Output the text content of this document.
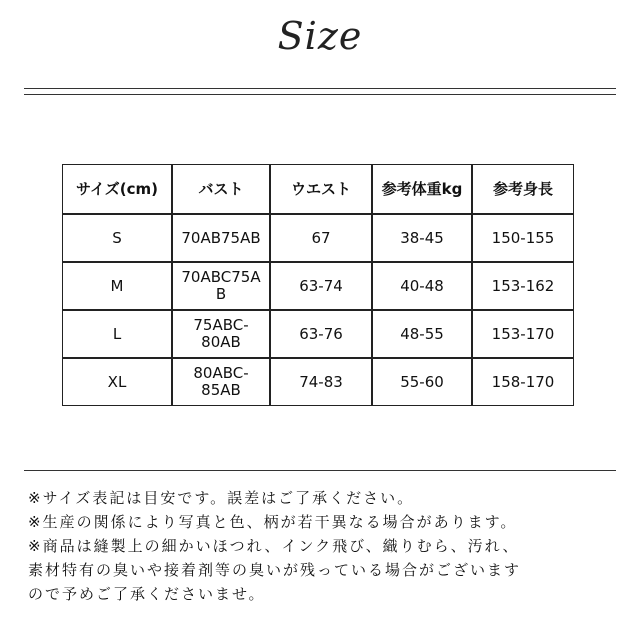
Size
サイズ(cm)	バスト	ウエスト	参考体重kg	参考身長
S	70AB75AB	67	38-45	150-155
M	70ABC75AB	63-74	40-48	153-162
L	75ABC-80AB	63-76	48-55	153-170
XL	80ABC-85AB	74-83	55-60	158-170
※サイズ表記は目安です。誤差はご了承ください。
※生産の関係により写真と色、柄が若干異なる場合があります。
※商品は縫製上の細かいほつれ、インク飛び、織りむら、汚れ、
素材特有の臭いや接着剤等の臭いが残っている場合がございます
ので予めご了承くださいませ。
